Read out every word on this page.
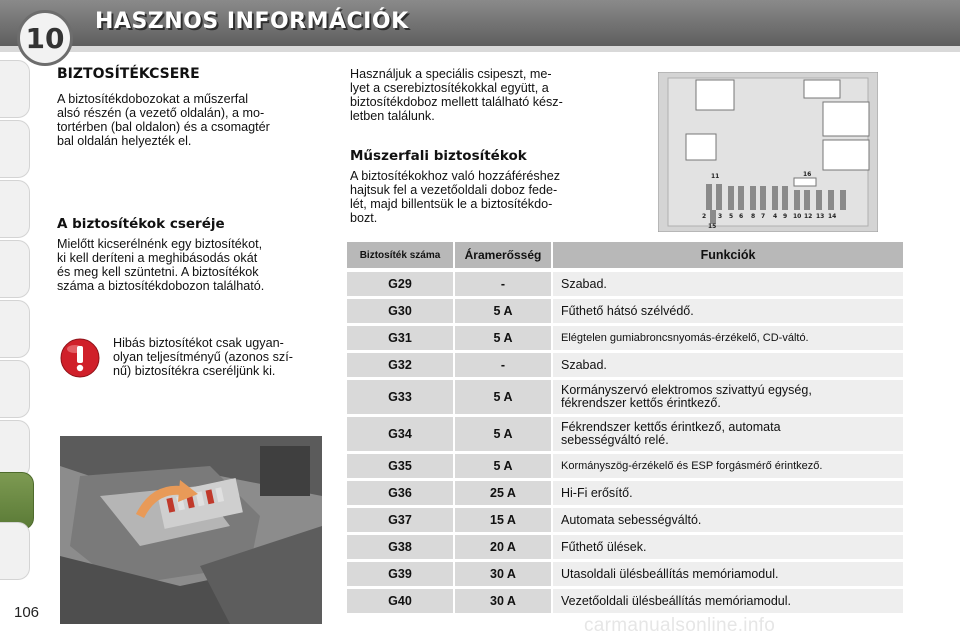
10	HASZNOS INFORMÁCIÓK
106
BIZTOSÍTÉKCSERE
A biztosítékdobozokat a műszerfal
alsó részén (a vezető oldalán), a mo-
tortérben (bal oldalon) és a csomagtér
bal oldalán helyezték el.
A biztosítékok cseréje
Mielőtt kicserélnénk egy biztosítékot,
ki kell deríteni a meghibásodás okát
és meg kell szüntetni. A biztosítékok
száma a biztosítékdobozon található.
Hibás biztosítékot csak ugyan-
olyan teljesítményű (azonos szí-
nű) biztosítékra cseréljünk ki.
Használjuk a speciális csipeszt, me-
lyet a cserebiztosítékokkal együtt, a
biztosítékdoboz mellett található kész-
letben találunk.
Műszerfali biztosítékok
A biztosítékokhoz való hozzáféréshez
hajtsuk fel a vezetőoldali doboz fede-
lét, majd billentsük le a biztosítékdo-
bozt.
11	16
2 3 5 6 8 7 4 9 10 12 13 14
15
Biztosíték száma	Áramerősség	Funkciók
G29	-	Szabad.
G30	5 A	Fűthető hátsó szélvédő.
G31	5 A	Elégtelen gumiabroncsnyomás-érzékelő, CD-váltó.
G32	-	Szabad.
G33	5 A	Kormányszervó elektromos szivattyú egység,
fékrendszer kettős érintkező.
G34	5 A	Fékrendszer kettős érintkező, automata
sebességváltó relé.
G35	5 A	Kormányszög-érzékelő és ESP forgásmérő érintkező.
G36	25 A	Hi-Fi erősítő.
G37	15 A	Automata sebességváltó.
G38	20 A	Fűthető ülések.
G39	30 A	Utasoldali ülésbeállítás memóriamodul.
G40	30 A	Vezetőoldali ülésbeállítás memóriamodul.
carmanualsonline.info
